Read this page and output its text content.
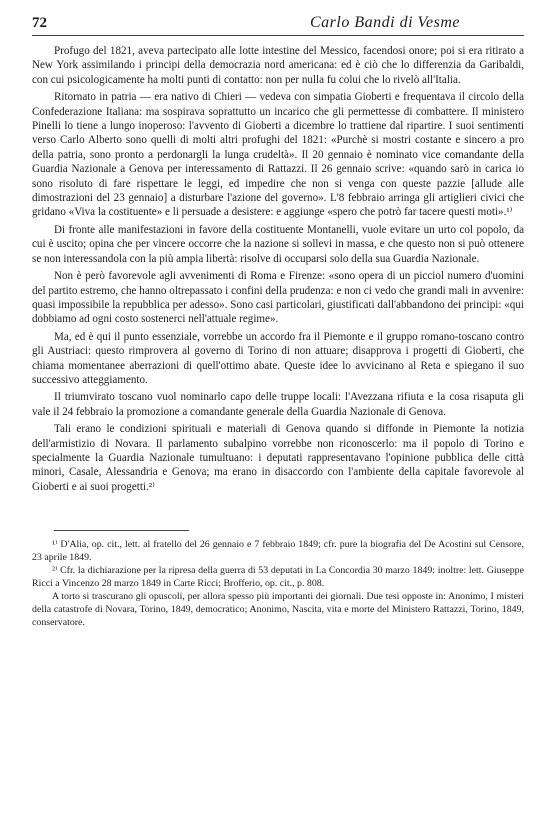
72	Carlo Bandi di Vesme

Profugo del 1821, aveva partecipato alle lotte intestine del Messico, facendosi onore; poi si era ritirato a New York assimilando i principi della democrazia nord americana: ed è ciò che lo differenzia da Garibaldi, con cui psicologicamente ha molti punti di contatto: non per nulla fu colui che lo rivelò all'Italia.

Ritornato in patria — era nativo di Chieri — vedeva con simpatia Gioberti e frequentava il circolo della Confederazione Italiana: ma sospirava soprattutto un incarico che gli permettesse di combattere. Il ministero Pinelli lo tiene a lungo inoperoso: l'avvento di Gioberti a dicembre lo trattiene dal ripartire. I suoi sentimenti verso Carlo Alberto sono quelli di molti altri profughi del 1821: «Purchè si mostri costante e sincero a pro della patria, sono pronto a perdonargli la lunga crudeltà». Il 20 gennaio è nominato vice comandante della Guardia Nazionale a Genova per interessamento di Rattazzi. Il 26 gennaio scrive: «quando sarò in carica io sono risoluto di fare rispettare le leggi, ed impedire che non si venga con queste pazzie [allude alle dimostrazioni del 23 gennaio] a disturbare l'azione del governo». L'8 febbraio arringa gli artiglieri civici che gridano «Viva la costituente» e li persuade a desistere: e aggiunge «spero che potrò far tacere questi moti».¹⁾

Di fronte alle manifestazioni in favore della costituente Montanelli, vuole evitare un urto col popolo, da cui è uscito; opina che per vincere occorre che la nazione si sollevi in massa, e che questo non si può ottenere se non interessandola con la più ampia libertà: risolve di occuparsi solo della sua Guardia Nazionale.

Non è però favorevole agli avvenimenti di Roma e Firenze: «sono opera di un picciol numero d'uomini del partito estremo, che hanno oltrepassato i confini della prudenza: e non ci vedo che grandi mali in avvenire: quasi impossibile la repubblica per adesso». Sono casi particolari, giustificati dall'abbandono dei principi: «qui dobbiamo ad ogni costo sostenerci nell'attuale regime».

Ma, ed è qui il punto essenziale, vorrebbe un accordo fra il Piemonte e il gruppo romano-toscano contro gli Austriaci: questo rimprovera al governo di Torino di non attuare; disapprova i progetti di Gioberti, che chiama momentanee aberrazioni di quell'ottimo abate. Queste idee lo avvicinano al Reta e spiegano il suo successivo atteggiamento.

Il triumvirato toscano vuol nominarlo capo delle truppe locali: l'Avezzana rifiuta e la cosa risaputa gli vale il 24 febbraio la promozione a comandante generale della Guardia Nazionale di Genova.

Tali erano le condizioni spirituali e materiali di Genova quando si diffonde in Piemonte la notizia dell'armistizio di Novara. Il parlamento subalpino vorrebbe non riconoscerlo: ma il popolo di Torino e specialmente la Guardia Nazionale tumultuano: i deputati rappresentavano l'opinione pubblica delle città minori, Casale, Alessandria e Genova; ma erano in disaccordo con l'ambiente della capitale favorevole al Gioberti e ai suoi progetti.²⁾

¹⁾ D'Alia, op. cit., lett. al fratello del 26 gennaio e 7 febbraio 1849; cfr. pure la biografia del De Acostini sul Censore, 23 aprile 1849.

²⁾ Cfr. la dichiarazione per la ripresa della guerra di 53 deputati in La Concordia 30 marzo 1849: inoltre: lett. Giuseppe Ricci a Vincenzo 28 marzo 1849 in Carte Ricci; Brofferio, op. cit., p. 808.

A torto si trascurano gli opuscoli, per allora spesso più importanti dei giornali. Due tesi opposte in: Anonimo, I misteri della catastrofe di Novara, Torino, 1849, democratico; Anonimo, Nascita, vita e morte del Ministero Rattazzi, Torino, 1849, conservatore.
